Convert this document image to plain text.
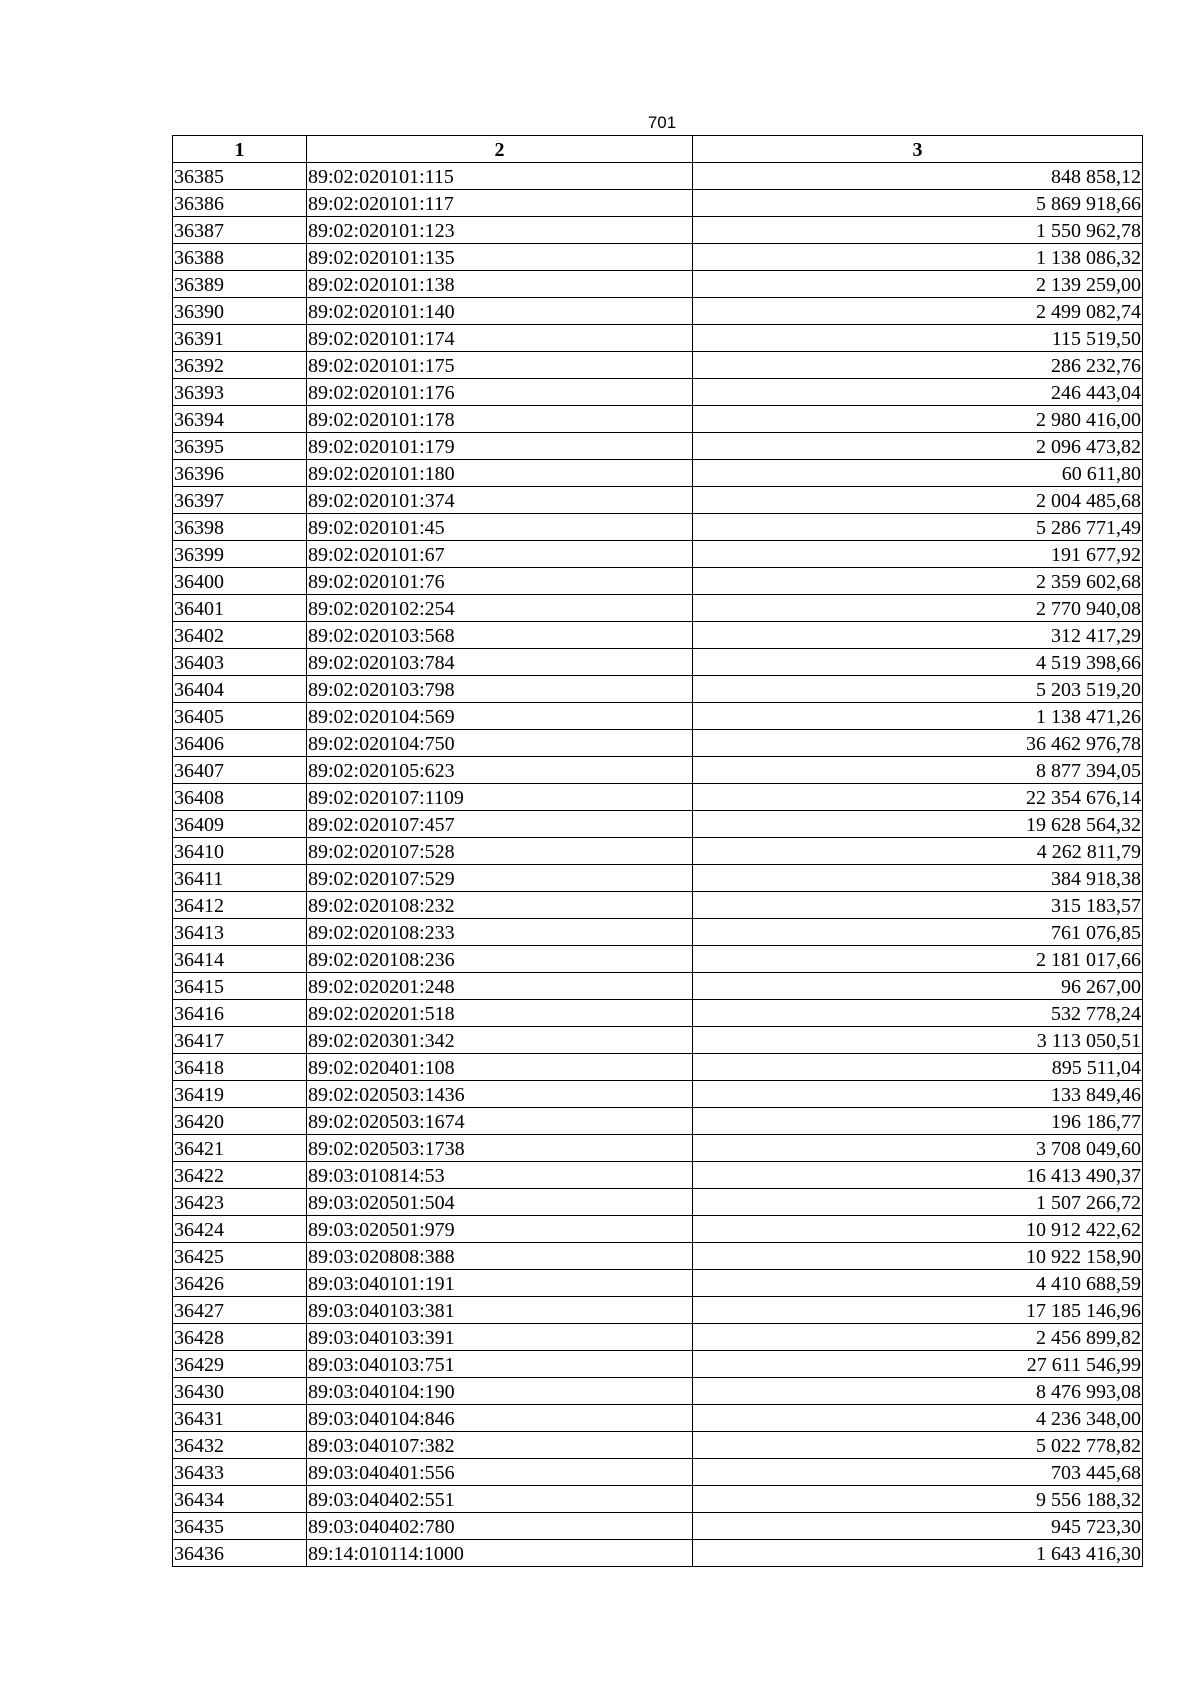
701
1	2	3
36385	89:02:020101:115	848 858,12
36386	89:02:020101:117	5 869 918,66
36387	89:02:020101:123	1 550 962,78
36388	89:02:020101:135	1 138 086,32
36389	89:02:020101:138	2 139 259,00
36390	89:02:020101:140	2 499 082,74
36391	89:02:020101:174	115 519,50
36392	89:02:020101:175	286 232,76
36393	89:02:020101:176	246 443,04
36394	89:02:020101:178	2 980 416,00
36395	89:02:020101:179	2 096 473,82
36396	89:02:020101:180	60 611,80
36397	89:02:020101:374	2 004 485,68
36398	89:02:020101:45	5 286 771,49
36399	89:02:020101:67	191 677,92
36400	89:02:020101:76	2 359 602,68
36401	89:02:020102:254	2 770 940,08
36402	89:02:020103:568	312 417,29
36403	89:02:020103:784	4 519 398,66
36404	89:02:020103:798	5 203 519,20
36405	89:02:020104:569	1 138 471,26
36406	89:02:020104:750	36 462 976,78
36407	89:02:020105:623	8 877 394,05
36408	89:02:020107:1109	22 354 676,14
36409	89:02:020107:457	19 628 564,32
36410	89:02:020107:528	4 262 811,79
36411	89:02:020107:529	384 918,38
36412	89:02:020108:232	315 183,57
36413	89:02:020108:233	761 076,85
36414	89:02:020108:236	2 181 017,66
36415	89:02:020201:248	96 267,00
36416	89:02:020201:518	532 778,24
36417	89:02:020301:342	3 113 050,51
36418	89:02:020401:108	895 511,04
36419	89:02:020503:1436	133 849,46
36420	89:02:020503:1674	196 186,77
36421	89:02:020503:1738	3 708 049,60
36422	89:03:010814:53	16 413 490,37
36423	89:03:020501:504	1 507 266,72
36424	89:03:020501:979	10 912 422,62
36425	89:03:020808:388	10 922 158,90
36426	89:03:040101:191	4 410 688,59
36427	89:03:040103:381	17 185 146,96
36428	89:03:040103:391	2 456 899,82
36429	89:03:040103:751	27 611 546,99
36430	89:03:040104:190	8 476 993,08
36431	89:03:040104:846	4 236 348,00
36432	89:03:040107:382	5 022 778,82
36433	89:03:040401:556	703 445,68
36434	89:03:040402:551	9 556 188,32
36435	89:03:040402:780	945 723,30
36436	89:14:010114:1000	1 643 416,30
